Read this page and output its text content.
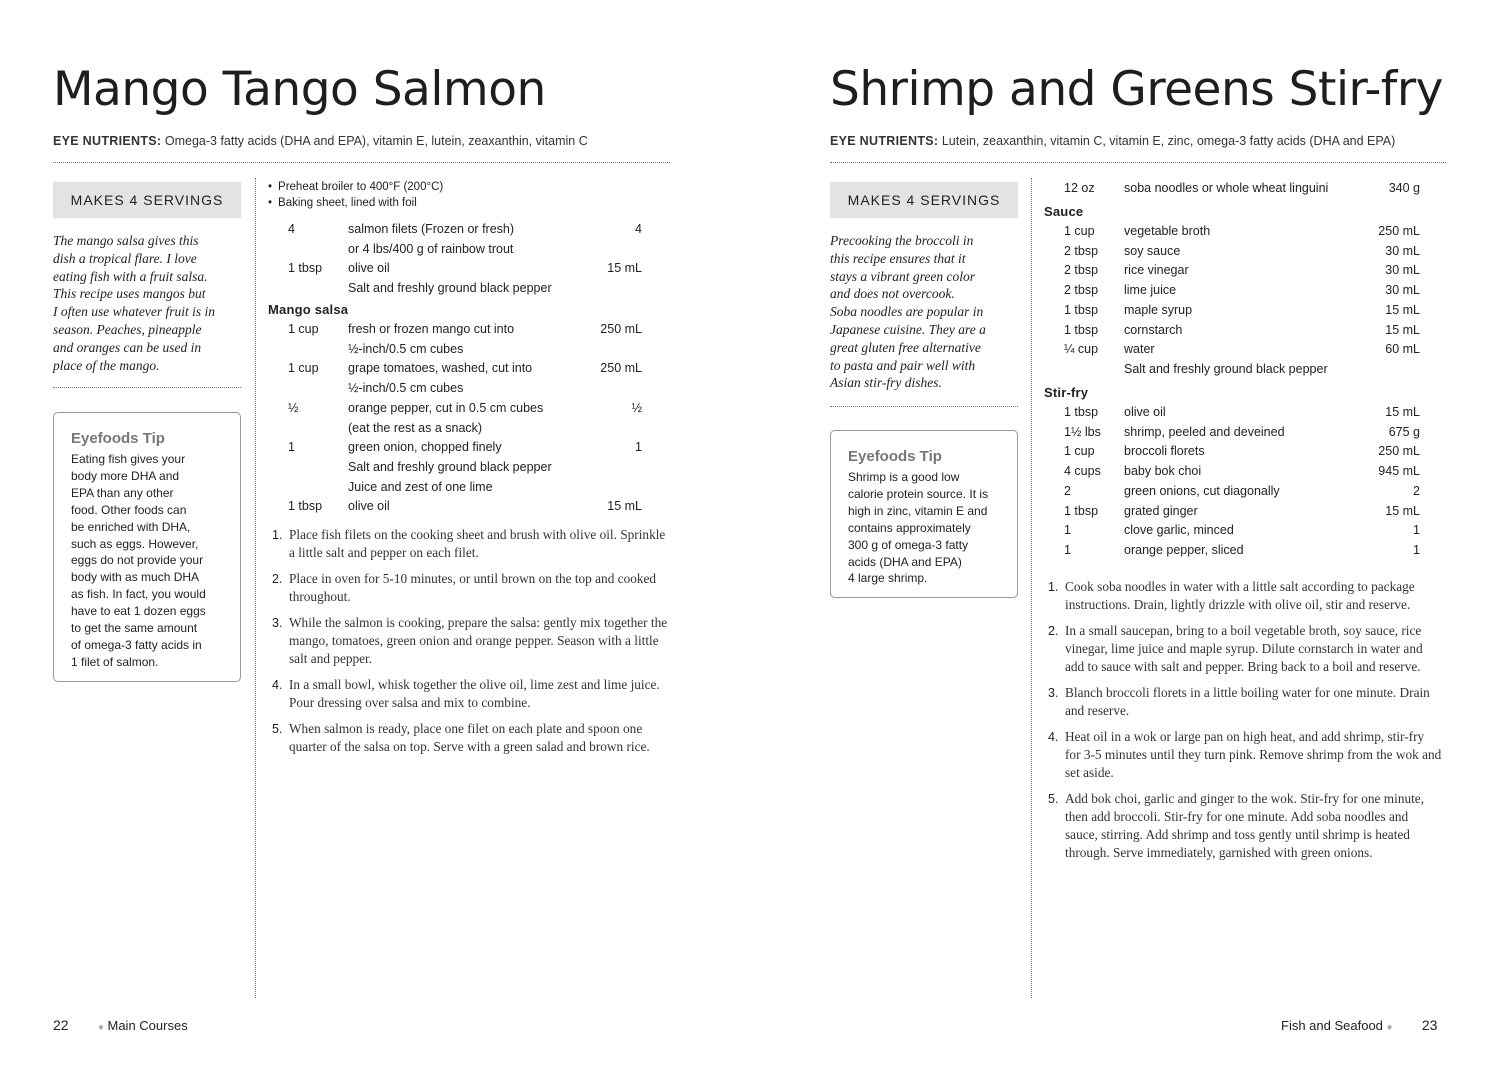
Mango Tango Salmon
EYE NUTRIENTS: Omega-3 fatty acids (DHA and EPA), vitamin E, lutein, zeaxanthin, vitamin C
MAKES 4 SERVINGS
The mango salsa gives this
dish a tropical flare. I love
eating fish with a fruit salsa.
This recipe uses mangos but
I often use whatever fruit is in
season. Peaches, pineapple
and oranges can be used in
place of the mango.
Eyefoods Tip
Eating fish gives your
body more DHA and
EPA than any other
food. Other foods can
be enriched with DHA,
such as eggs. However,
eggs do not provide your
body with as much DHA
as fish. In fact, you would
have to eat 1 dozen eggs
to get the same amount
of omega-3 fatty acids in
1 filet of salmon.
• Preheat broiler to 400°F (200°C)
• Baking sheet, lined with foil
4	salmon filets (Frozen or fresh)	4
or 4 lbs/400 g of rainbow trout
1 tbsp olive oil	15 mL
Salt and freshly ground black pepper
Mango salsa
1 cup fresh or frozen mango cut into	250 mL
½-inch/0.5 cm cubes
1 cup grape tomatoes, washed, cut into	250 mL
½-inch/0.5 cm cubes
½	orange pepper, cut in 0.5 cm cubes	½
(eat the rest as a snack)
1	green onion, chopped finely	1
Salt and freshly ground black pepper
Juice and zest of one lime
1 tbsp olive oil	15 mL
1. Place fish filets on the cooking sheet and brush with olive oil. Sprinkle a little salt and pepper on each filet.
2. Place in oven for 5-10 minutes, or until brown on the top and cooked throughout.
3. While the salmon is cooking, prepare the salsa: gently mix together the mango, tomatoes, green onion and orange pepper. Season with a little salt and pepper.
4. In a small bowl, whisk together the olive oil, lime zest and lime juice. Pour dressing over salsa and mix to combine.
5. When salmon is ready, place one filet on each plate and spoon one quarter of the salsa on top. Serve with a green salad and brown rice.
22	● Main Courses
Shrimp and Greens Stir-fry
EYE NUTRIENTS: Lutein, zeaxanthin, vitamin C, vitamin E, zinc, omega-3 fatty acids (DHA and EPA)
MAKES 4 SERVINGS
Precooking the broccoli in
this recipe ensures that it
stays a vibrant green color
and does not overcook.
Soba noodles are popular in
Japanese cuisine. They are a
great gluten free alternative
to pasta and pair well with
Asian stir-fry dishes.
Eyefoods Tip
Shrimp is a good low
calorie protein source. It is
high in zinc, vitamin E and
contains approximately
300 g of omega-3 fatty
acids (DHA and EPA)
4 large shrimp.
12 oz soba noodles or whole wheat linguini	340 g
Sauce
1 cup vegetable broth	250 mL
2 tbsp soy sauce	30 mL
2 tbsp rice vinegar	30 mL
2 tbsp lime juice	30 mL
1 tbsp maple syrup	15 mL
1 tbsp cornstarch	15 mL
¼ cup water	60 mL
Salt and freshly ground black pepper
Stir-fry
1 tbsp olive oil	15 mL
1½ lbs shrimp, peeled and deveined	675 g
1 cup broccoli florets	250 mL
4 cups baby bok choi	945 mL
2	green onions, cut diagonally	2
1 tbsp grated ginger	15 mL
1	clove garlic, minced	1
1	orange pepper, sliced	1
1. Cook soba noodles in water with a little salt according to package instructions. Drain, lightly drizzle with olive oil, stir and reserve.
2. In a small saucepan, bring to a boil vegetable broth, soy sauce, rice vinegar, lime juice and maple syrup. Dilute cornstarch in water and add to sauce with salt and pepper. Bring back to a boil and reserve.
3. Blanch broccoli florets in a little boiling water for one minute. Drain and reserve.
4. Heat oil in a wok or large pan on high heat, and add shrimp, stir-fry for 3-5 minutes until they turn pink. Remove shrimp from the wok and set aside.
5. Add bok choi, garlic and ginger to the wok. Stir-fry for one minute, then add broccoli. Stir-fry for one minute. Add soba noodles and sauce, stirring. Add shrimp and toss gently until shrimp is heated through. Serve immediately, garnished with green onions.
Fish and Seafood ● 23
